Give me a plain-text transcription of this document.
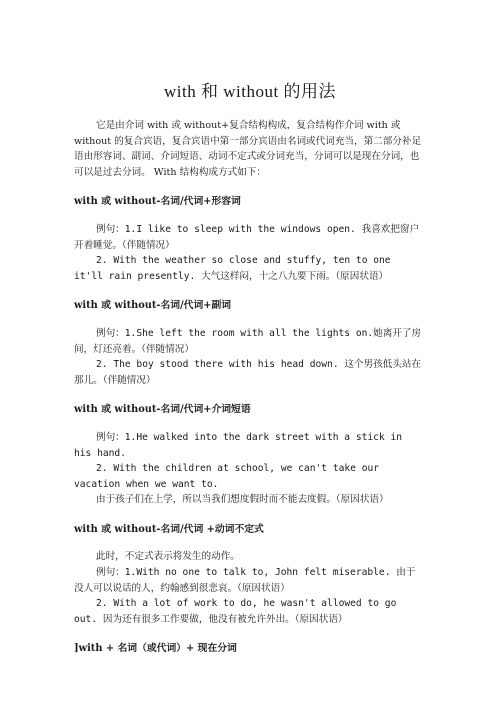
with 和 without 的用法

它是由介词 with 或 without+复合结构构成，复合结构作介词 with 或 without 的复合宾语，复合宾语中第一部分宾语由名词或代词充当，第二部分补足语由形容词、副词、介词短语、动词不定式或分词充当，分词可以是现在分词，也可以是过去分词。 With 结构构成方式如下：

with 或 without-名词/代词+形容词

例句：1.I like to sleep with the windows open. 我喜欢把窗户开着睡觉。（伴随情况）

2. With the weather so close and stuffy, ten to one it'll rain presently. 大气这样闷，十之八九要下雨。（原因状语）

with 或 without-名词/代词+副词

例句：1.She left the room with all the lights on.她离开了房间，灯还亮着。（伴随情况）

2. The boy stood there with his head down. 这个男孩低头站在那儿。（伴随情况）

with 或 without-名词/代词+介词短语

例句：1.He walked into the dark street with a stick in his hand.

2. With the children at school, we can't take our vacation when we want to.

由于孩子们在上学，所以当我们想度假时而不能去度假。（原因状语）

with 或 without-名词/代词 +动词不定式

此时，不定式表示将发生的动作。

例句：1.With no one to talk to, John felt miserable. 由于没人可以说话的人，约翰感到很悲哀。（原因状语）

2. With a lot of work to do, he wasn't allowed to go out. 因为还有很多工作要做，他没有被允许外出。（原因状语）

]with + 名词（或代词）+ 现在分词
